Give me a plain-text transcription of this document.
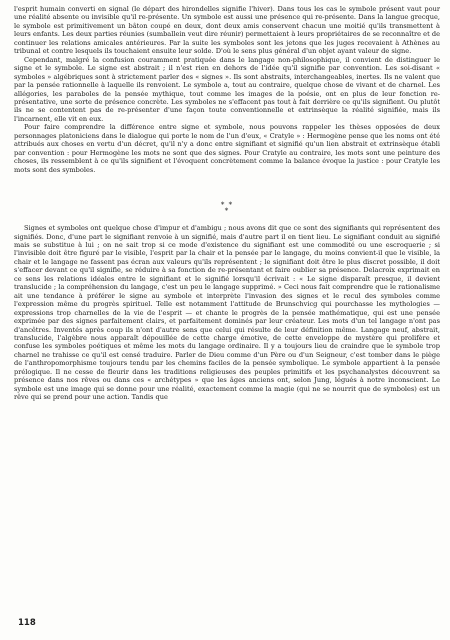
l'esprit humain converti en signal (le départ des hirondelles signifie l'hiver). Dans tous les cas le symbole présent vaut pour une réalité absente ou invisible qu'il re-présente. Un symbole est aussi une présence qui re-présente. Dans la langue grecque, le symbole est primitivement un bâton coupé en deux, dont deux amis conservent chacun une moitié qu'ils transmettent à leurs enfants. Les deux parties réunies (sumballein veut dire réunir) permettaient à leurs propriétaires de se reconnaître et de continuer les relations amicales antérieures. Par la suite les symboles sont les jetons que les juges recevaient à Athènes au tribunal et contre lesquels ils touchaient ensuite leur solde. D'où le sens plus général d'un objet ayant valeur de signe.

Cependant, malgré la confusion couramment pratiquée dans le langage non-philosophique, il convient de distinguer le signe et le symbole. Le signe est abstrait ; il n'est rien en dehors de l'idée qu'il signifie par convention. Les soi-disant « symboles » algébriques sont à strictement parler des « signes ». Ils sont abstraits, interchangeables, inertes. Ils ne valent que par la pensée rationnelle à laquelle ils renvoient. Le symbole a, tout au contraire, quelque chose de vivant et de charnel. Les allégories, les paraboles de la pensée mythique, tout comme les images de la poésie, ont en plus de leur fonction re-présentative, une sorte de présence concrète. Les symboles ne s'effacent pas tout à fait derrière ce qu'ils signifient. Ou plutôt ils ne se contentent pas de re-présenter d'une façon toute conventionnelle et extrinsèque la réalité signifiée, mais ils l'incarnent, elle vit en eux.

Pour faire comprendre la différence entre signe et symbole, nous pouvons rappeler les thèses opposées de deux personnages platoniciens dans le dialogue qui porte le nom de l'un d'eux, « Cratyle » : Hermogène pense que les noms ont été attribués aux choses en vertu d'un décret, qu'il n'y a donc entre signifiant et signifié qu'un lien abstrait et extrinsèque établi par convention : pour Hermogène les mots ne sont que des signes. Pour Cratyle au contraire, les mots sont une peinture des choses, ils ressemblent à ce qu'ils signifient et l'évoquent concrètement comme la balance évoque la justice : pour Cratyle les mots sont des symboles.

* *
*

Signes et symboles ont quelque chose d'impur et d'ambigu ; nous avons dit que ce sont des signifiants qui représentent des signifiés. Donc, d'une part le signifiant renvoie à un signifié, mais d'autre part il en tient lieu. Le signifiant conduit au signifié mais se substitue à lui ; on ne sait trop si ce mode d'existence du signifiant est une commodité ou une escroquerie ; si l'invisible doit être figuré par le visible, l'esprit par la chair et la pensée par le langage, du moins convient-il que le visible, la chair et le langage ne fassent pas écran aux valeurs qu'ils représentent ; le signifiant doit être le plus discret possible, il doit s'effacer devant ce qu'il signifie, se réduire à sa fonction de re-présentant et faire oublier sa présence. Delacroix exprimait en ce sens les relations idéales entre le signifiant et le signifié lorsqu'il écrivait : « Le signe disparaît presque, il devient translucide ; la compréhension du langage, c'est un peu le langage supprimé. » Ceci nous fait comprendre que le rationalisme ait une tendance à préférer le signe au symbole et interprète l'invasion des signes et le recul des symboles comme l'expression même du progrès spirituel. Telle est notamment l'attitude de Brunschvicg qui pourchasse les mythologies — expressions trop charnelles de la vie de l'esprit — et chante le progrès de la pensée mathématique, qui est une pensée exprimée par des signes parfaitement clairs, et parfaitement dominés par leur créateur. Les mots d'un tel langage n'ont pas d'ancêtres. Inventés après coup ils n'ont d'autre sens que celui qui résulte de leur définition même. Langage neuf, abstrait, translucide, l'algèbre nous apparaît dépouillée de cette charge émotive, de cette enveloppe de mystère qui prolifère et confuse les symboles poétiques et même les mots du langage ordinaire. Il y a toujours lieu de craindre que le symbole trop charnel ne trahisse ce qu'il est censé traduire. Parler de Dieu comme d'un Père ou d'un Seigneur, c'est tomber dans le piège de l'anthropomorphisme toujours tendu par les chemins faciles de la pensée symbolique. Le symbole appartient à la pensée prélogique. Il ne cesse de fleurir dans les traditions religieuses des peuples primitifs et les psychanalystes découvrent sa présence dans nos rêves ou dans ces « archétypes » que les âges anciens ont, selon Jung, légués à notre inconscient. Le symbole est une image qui se donne pour une réalité, exactement comme la magie (qui ne se nourrit que de symboles) est un rêve qui se prend pour une action. Tandis que

118
